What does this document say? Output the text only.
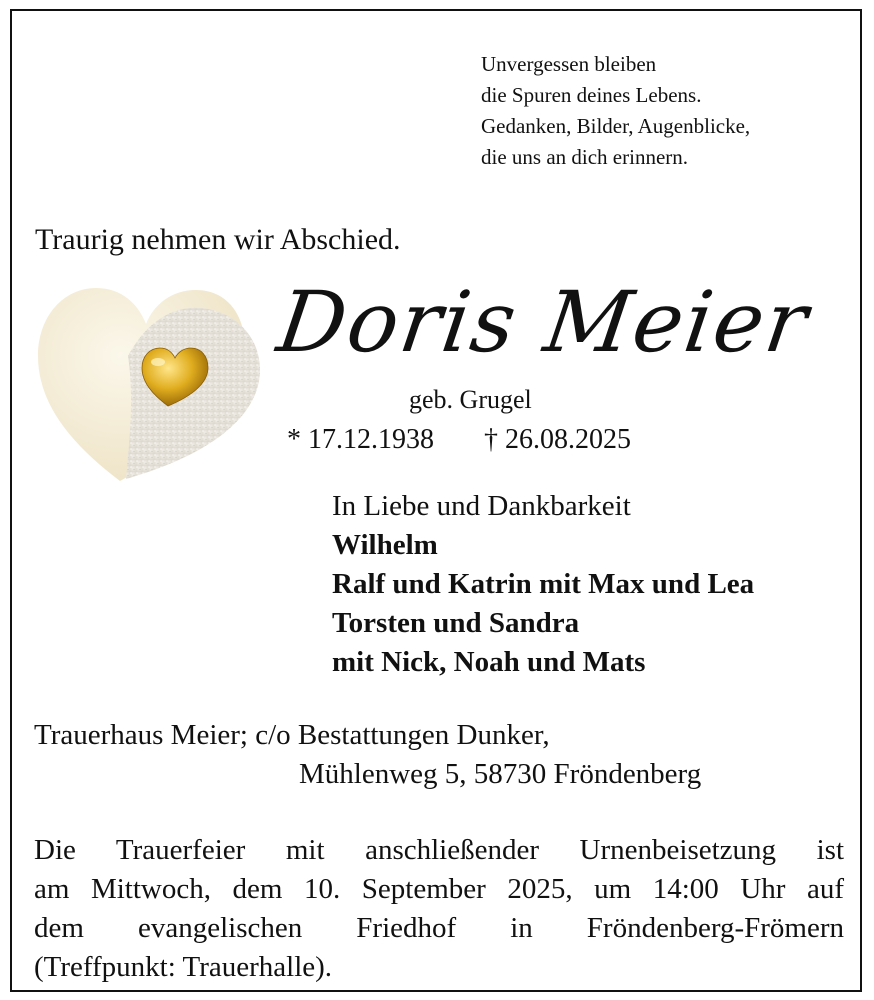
Unvergessen bleiben
die Spuren deines Lebens.
Gedanken, Bilder, Augenblicke,
die uns an dich erinnern.
Traurig nehmen wir Abschied.
Doris Meier
geb. Grugel
* 17.12.1938 † 26.08.2025
In Liebe und Dankbarkeit
Wilhelm
Ralf und Katrin mit Max und Lea
Torsten und Sandra
mit Nick, Noah und Mats
Trauerhaus Meier; c/o Bestattungen Dunker,
Mühlenweg 5, 58730 Fröndenberg
Die Trauerfeier mit anschließender Urnenbeisetzung ist
am Mittwoch, dem 10. September 2025, um 14:00 Uhr auf
dem evangelischen Friedhof in Fröndenberg-Frömern
(Treffpunkt: Trauerhalle).
